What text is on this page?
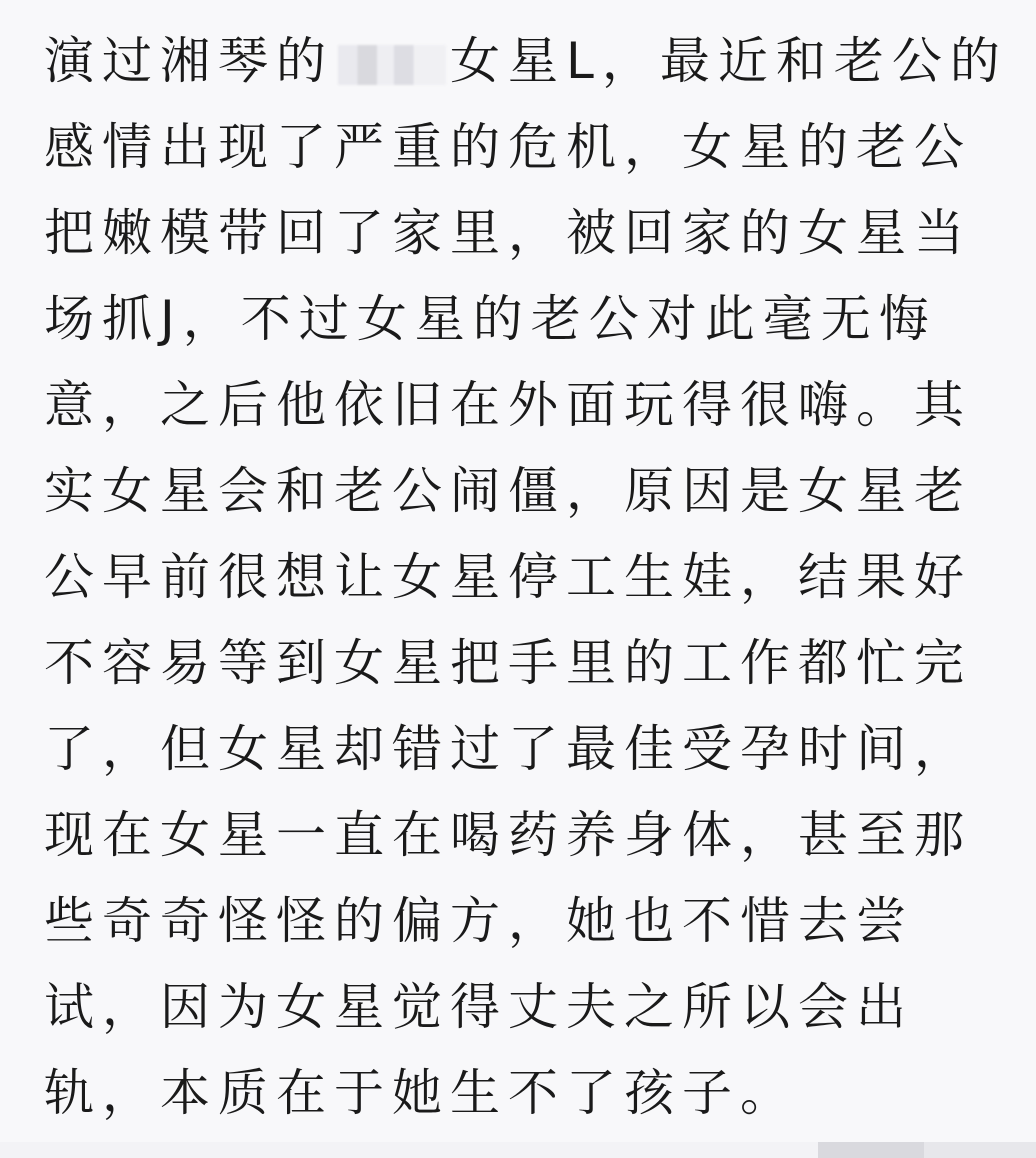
演过湘琴的 女星L，最近和老公的
感情出现了严重的危机，女星的老公
把嫩模带回了家里，被回家的女星当
场抓J，不过女星的老公对此毫无悔
意，之后他依旧在外面玩得很嗨。其
实女星会和老公闹僵，原因是女星老
公早前很想让女星停工生娃，结果好
不容易等到女星把手里的工作都忙完
了，但女星却错过了最佳受孕时间，
现在女星一直在喝药养身体，甚至那
些奇奇怪怪的偏方，她也不惜去尝
试，因为女星觉得丈夫之所以会出
轨，本质在于她生不了孩子。
